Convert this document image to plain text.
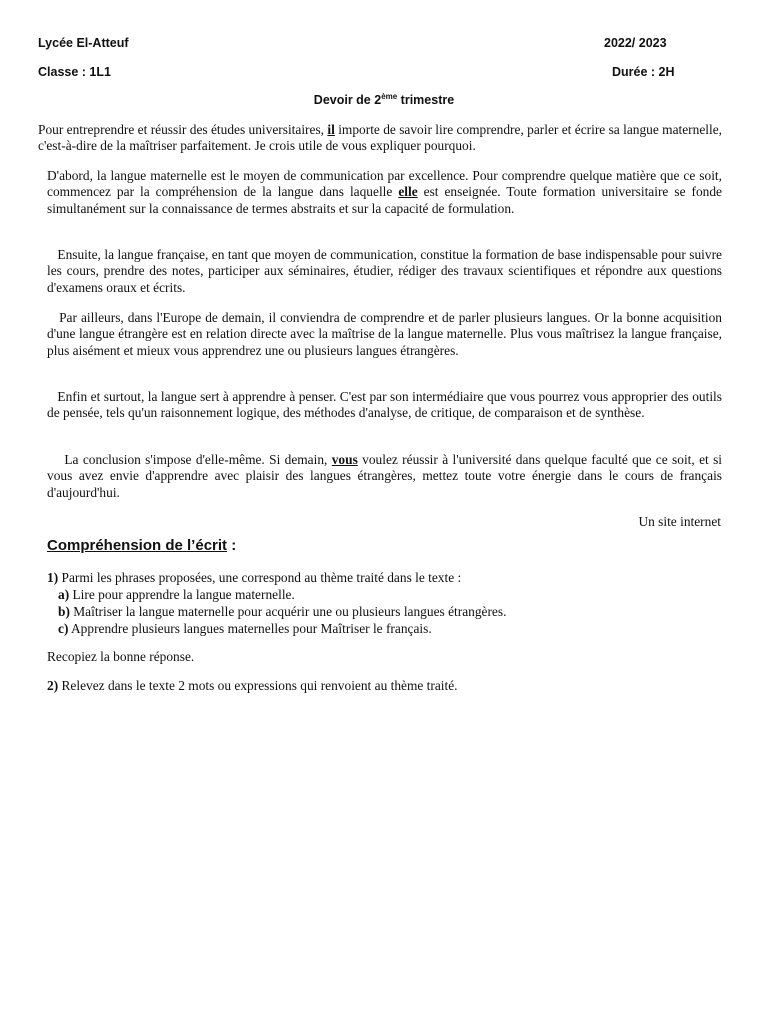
Lycée El-Atteuf	2022/ 2023
Classe : 1L1	Durée : 2H
Devoir de 2ème trimestre

Pour entreprendre et réussir des études universitaires, il importe de savoir lire comprendre, parler et écrire sa langue maternelle, c'est-à-dire de la maîtriser parfaitement. Je crois utile de vous expliquer pourquoi.

D'abord, la langue maternelle est le moyen de communication par excellence. Pour comprendre quelque matière que ce soit, commencez par la compréhension de la langue dans laquelle elle est enseignée. Toute formation universitaire se fonde simultanément sur la connaissance de termes abstraits et sur la capacité de formulation.

Ensuite, la langue française, en tant que moyen de communication, constitue la formation de base indispensable pour suivre les cours, prendre des notes, participer aux séminaires, étudier, rédiger des travaux scientifiques et répondre aux questions d'examens oraux et écrits.

Par ailleurs, dans l'Europe de demain, il conviendra de comprendre et de parler plusieurs langues. Or la bonne acquisition d'une langue étrangère est en relation directe avec la maîtrise de la langue maternelle. Plus vous maîtrisez la langue française, plus aisément et mieux vous apprendrez une ou plusieurs langues étrangères.

Enfin et surtout, la langue sert à apprendre à penser. C'est par son intermédiaire que vous pourrez vous approprier des outils de pensée, tels qu'un raisonnement logique, des méthodes d'analyse, de critique, de comparaison et de synthèse.

La conclusion s'impose d'elle-même. Si demain, vous voulez réussir à l'université dans quelque faculté que ce soit, et si vous avez envie d'apprendre avec plaisir des langues étrangères, mettez toute votre énergie dans le cours de français d'aujourd'hui.

Un site internet
Compréhension de l’écrit :
1) Parmi les phrases proposées, une correspond au thème traité dans le texte :
a) Lire pour apprendre la langue maternelle.
b) Maîtriser la langue maternelle pour acquérir une ou plusieurs langues étrangères.
c) Apprendre plusieurs langues maternelles pour Maîtriser le français.
Recopiez la bonne réponse.
2) Relevez dans le texte 2 mots ou expressions qui renvoient au thème traité.
